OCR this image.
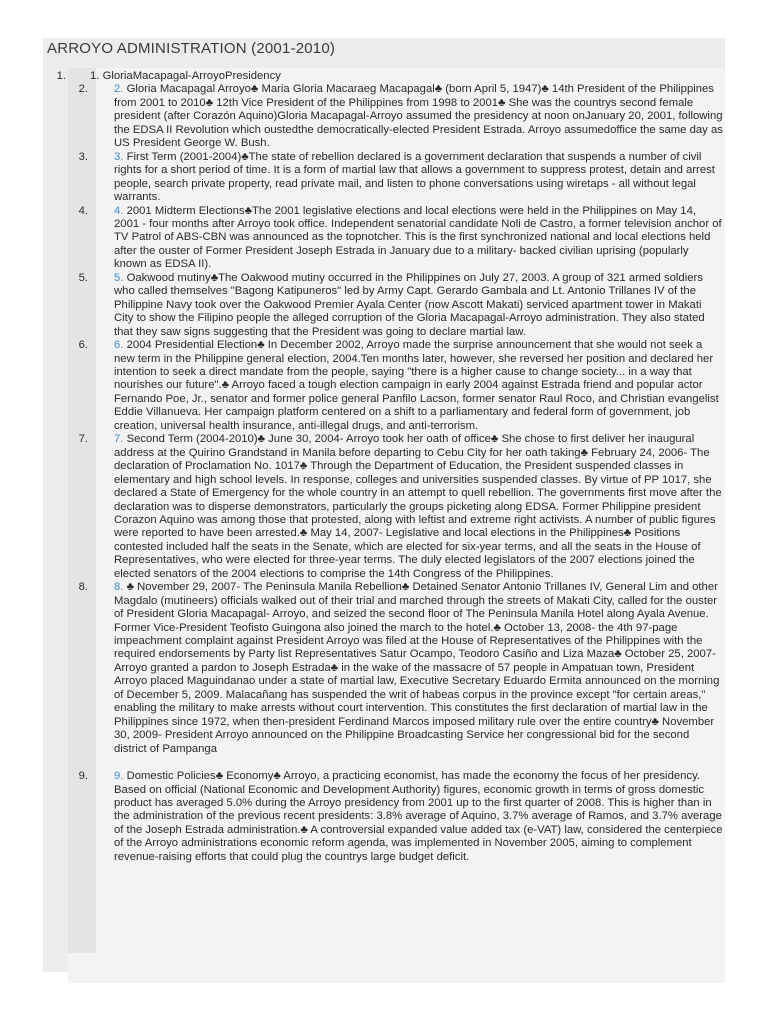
ARROYO ADMINISTRATION (2001-2010)
1. 1. GloriaMacapagal-ArroyoPresidency
2. 2. Gloria Macapagal Arroyo♣ Maria Gloria Macaraeg Macapagal♣ (born April 5, 1947)♣ 14th President of the Philippines from 2001 to 2010♣ 12th Vice President of the Philippines from 1998 to 2001♣ She was the countrys second female president (after Corazón Aquino)Gloria Macapagal-Arroyo assumed the presidency at noon onJanuary 20, 2001, following the EDSA II Revolution which oustedthe democratically-elected President Estrada. Arroyo assumedoffice the same day as US President George W. Bush.
3. 3. First Term (2001-2004)♣The state of rebellion declared is a government declaration that suspends a number of civil rights for a short period of time. It is a form of martial law that allows a government to suppress protest, detain and arrest people, search private property, read private mail, and listen to phone conversations using wiretaps - all without legal warrants.
4. 4. 2001 Midterm Elections♣The 2001 legislative elections and local elections were held in the Philippines on May 14, 2001 - four months after Arroyo took office. Independent senatorial candidate Noli de Castro, a former television anchor of TV Patrol of ABS-CBN was announced as the topnotcher. This is the first synchronized national and local elections held after the ouster of Former President Joseph Estrada in January due to a military- backed civilian uprising (popularly known as EDSA II).
5. 5. Oakwood mutiny♣The Oakwood mutiny occurred in the Philippines on July 27, 2003. A group of 321 armed soldiers who called themselves "Bagong Katipuneros" led by Army Capt. Gerardo Gambala and Lt. Antonio Trillanes IV of the Philippine Navy took over the Oakwood Premier Ayala Center (now Ascott Makati) serviced apartment tower in Makati City to show the Filipino people the alleged corruption of the Gloria Macapagal-Arroyo administration. They also stated that they saw signs suggesting that the President was going to declare martial law.
6. 6. 2004 Presidential Election♣ In December 2002, Arroyo made the surprise announcement that she would not seek a new term in the Philippine general election, 2004.Ten months later, however, she reversed her position and declared her intention to seek a direct mandate from the people, saying "there is a higher cause to change society... in a way that nourishes our future".♣ Arroyo faced a tough election campaign in early 2004 against Estrada friend and popular actor Fernando Poe, Jr., senator and former police general Panfilo Lacson, former senator Raul Roco, and Christian evangelist Eddie Villanueva. Her campaign platform centered on a shift to a parliamentary and federal form of government, job creation, universal health insurance, anti-illegal drugs, and anti-terrorism.
7. 7. Second Term (2004-2010)♣ June 30, 2004- Arroyo took her oath of office♣ She chose to first deliver her inaugural address at the Quirino Grandstand in Manila before departing to Cebu City for her oath taking♣ February 24, 2006- The declaration of Proclamation No. 1017♣ Through the Department of Education, the President suspended classes in elementary and high school levels. In response, colleges and universities suspended classes. By virtue of PP 1017, she declared a State of Emergency for the whole country in an attempt to quell rebellion. The governments first move after the declaration was to disperse demonstrators, particularly the groups picketing along EDSA. Former Philippine president Corazon Aquino was among those that protested, along with leftist and extreme right activists. A number of public figures were reported to have been arrested.♣ May 14, 2007- Legislative and local elections in the Philippines♣ Positions contested included half the seats in the Senate, which are elected for six-year terms, and all the seats in the House of Representatives, who were elected for three-year terms. The duly elected legislators of the 2007 elections joined the elected senators of the 2004 elections to comprise the 14th Congress of the Philippines.
8. 8. ♣ November 29, 2007- The Peninsula Manila Rebellion♣ Detained Senator Antonio Trillanes IV, General Lim and other Magdalo (mutineers) officials walked out of their trial and marched through the streets of Makati City, called for the ouster of President Gloria Macapagal- Arroyo, and seized the second floor of The Peninsula Manila Hotel along Ayala Avenue. Former Vice-President Teofisto Guingona also joined the march to the hotel.♣ October 13, 2008- the 4th 97-page impeachment complaint against President Arroyo was filed at the House of Representatives of the Philippines with the required endorsements by Party list Representatives Satur Ocampo, Teodoro Casiño and Liza Maza♣ October 25, 2007- Arroyo granted a pardon to Joseph Estrada♣ in the wake of the massacre of 57 people in Ampatuan town, President Arroyo placed Maguindanao under a state of martial law, Executive Secretary Eduardo Ermita announced on the morning of December 5, 2009. Malacañang has suspended the writ of habeas corpus in the province except "for certain areas," enabling the military to make arrests without court intervention. This constitutes the first declaration of martial law in the Philippines since 1972, when then-president Ferdinand Marcos imposed military rule over the entire country♣ November 30, 2009- President Arroyo announced on the Philippine Broadcasting Service her congressional bid for the second district of Pampanga
9. 9. Domestic Policies♣ Economy♣ Arroyo, a practicing economist, has made the economy the focus of her presidency. Based on official (National Economic and Development Authority) figures, economic growth in terms of gross domestic product has averaged 5.0% during the Arroyo presidency from 2001 up to the first quarter of 2008. This is higher than in the administration of the previous recent presidents: 3.8% average of Aquino, 3.7% average of Ramos, and 3.7% average of the Joseph Estrada administration.♣ A controversial expanded value added tax (e-VAT) law, considered the centerpiece of the Arroyo administrations economic reform agenda, was implemented in November 2005, aiming to complement revenue-raising efforts that could plug the countrys large budget deficit.
